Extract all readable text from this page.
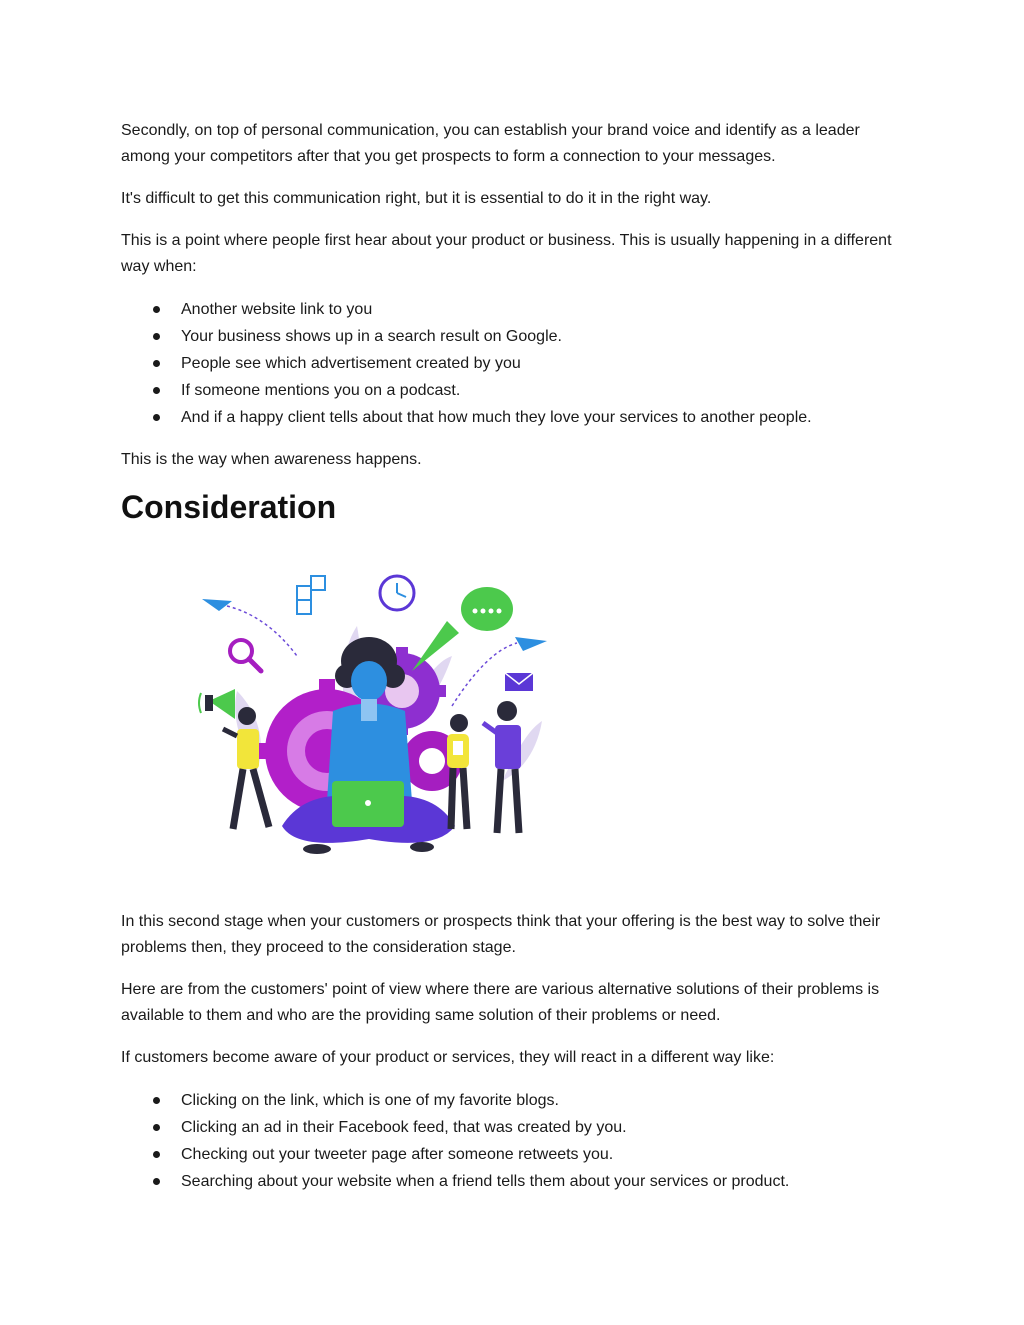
Secondly, on top of personal communication, you can establish your brand voice and identify as a leader among your competitors after that you get prospects to form a connection to your messages.

It's difficult to get this communication right, but it is essential to do it in the right way.

This is a point where people first hear about your product or business. This is usually happening in a different way when:

Another website link to you
Your business shows up in a search result on Google.
People see which advertisement created by you
If someone mentions you on a podcast.
And if a happy client tells about that how much they love your services to another people.

This is the way when awareness happens.

Consideration

In this second stage when your customers or prospects think that your offering is the best way to solve their problems then, they proceed to the consideration stage.

Here are from the customers' point of view where there are various alternative solutions of their problems is available to them and who are the providing same solution of their problems or need.

If customers become aware of your product or services, they will react in a different way like:

Clicking on the link, which is one of my favorite blogs.
Clicking an ad in their Facebook feed, that was created by you.
Checking out your tweeter page after someone retweets you.
Searching about your website when a friend tells them about your services or product.
